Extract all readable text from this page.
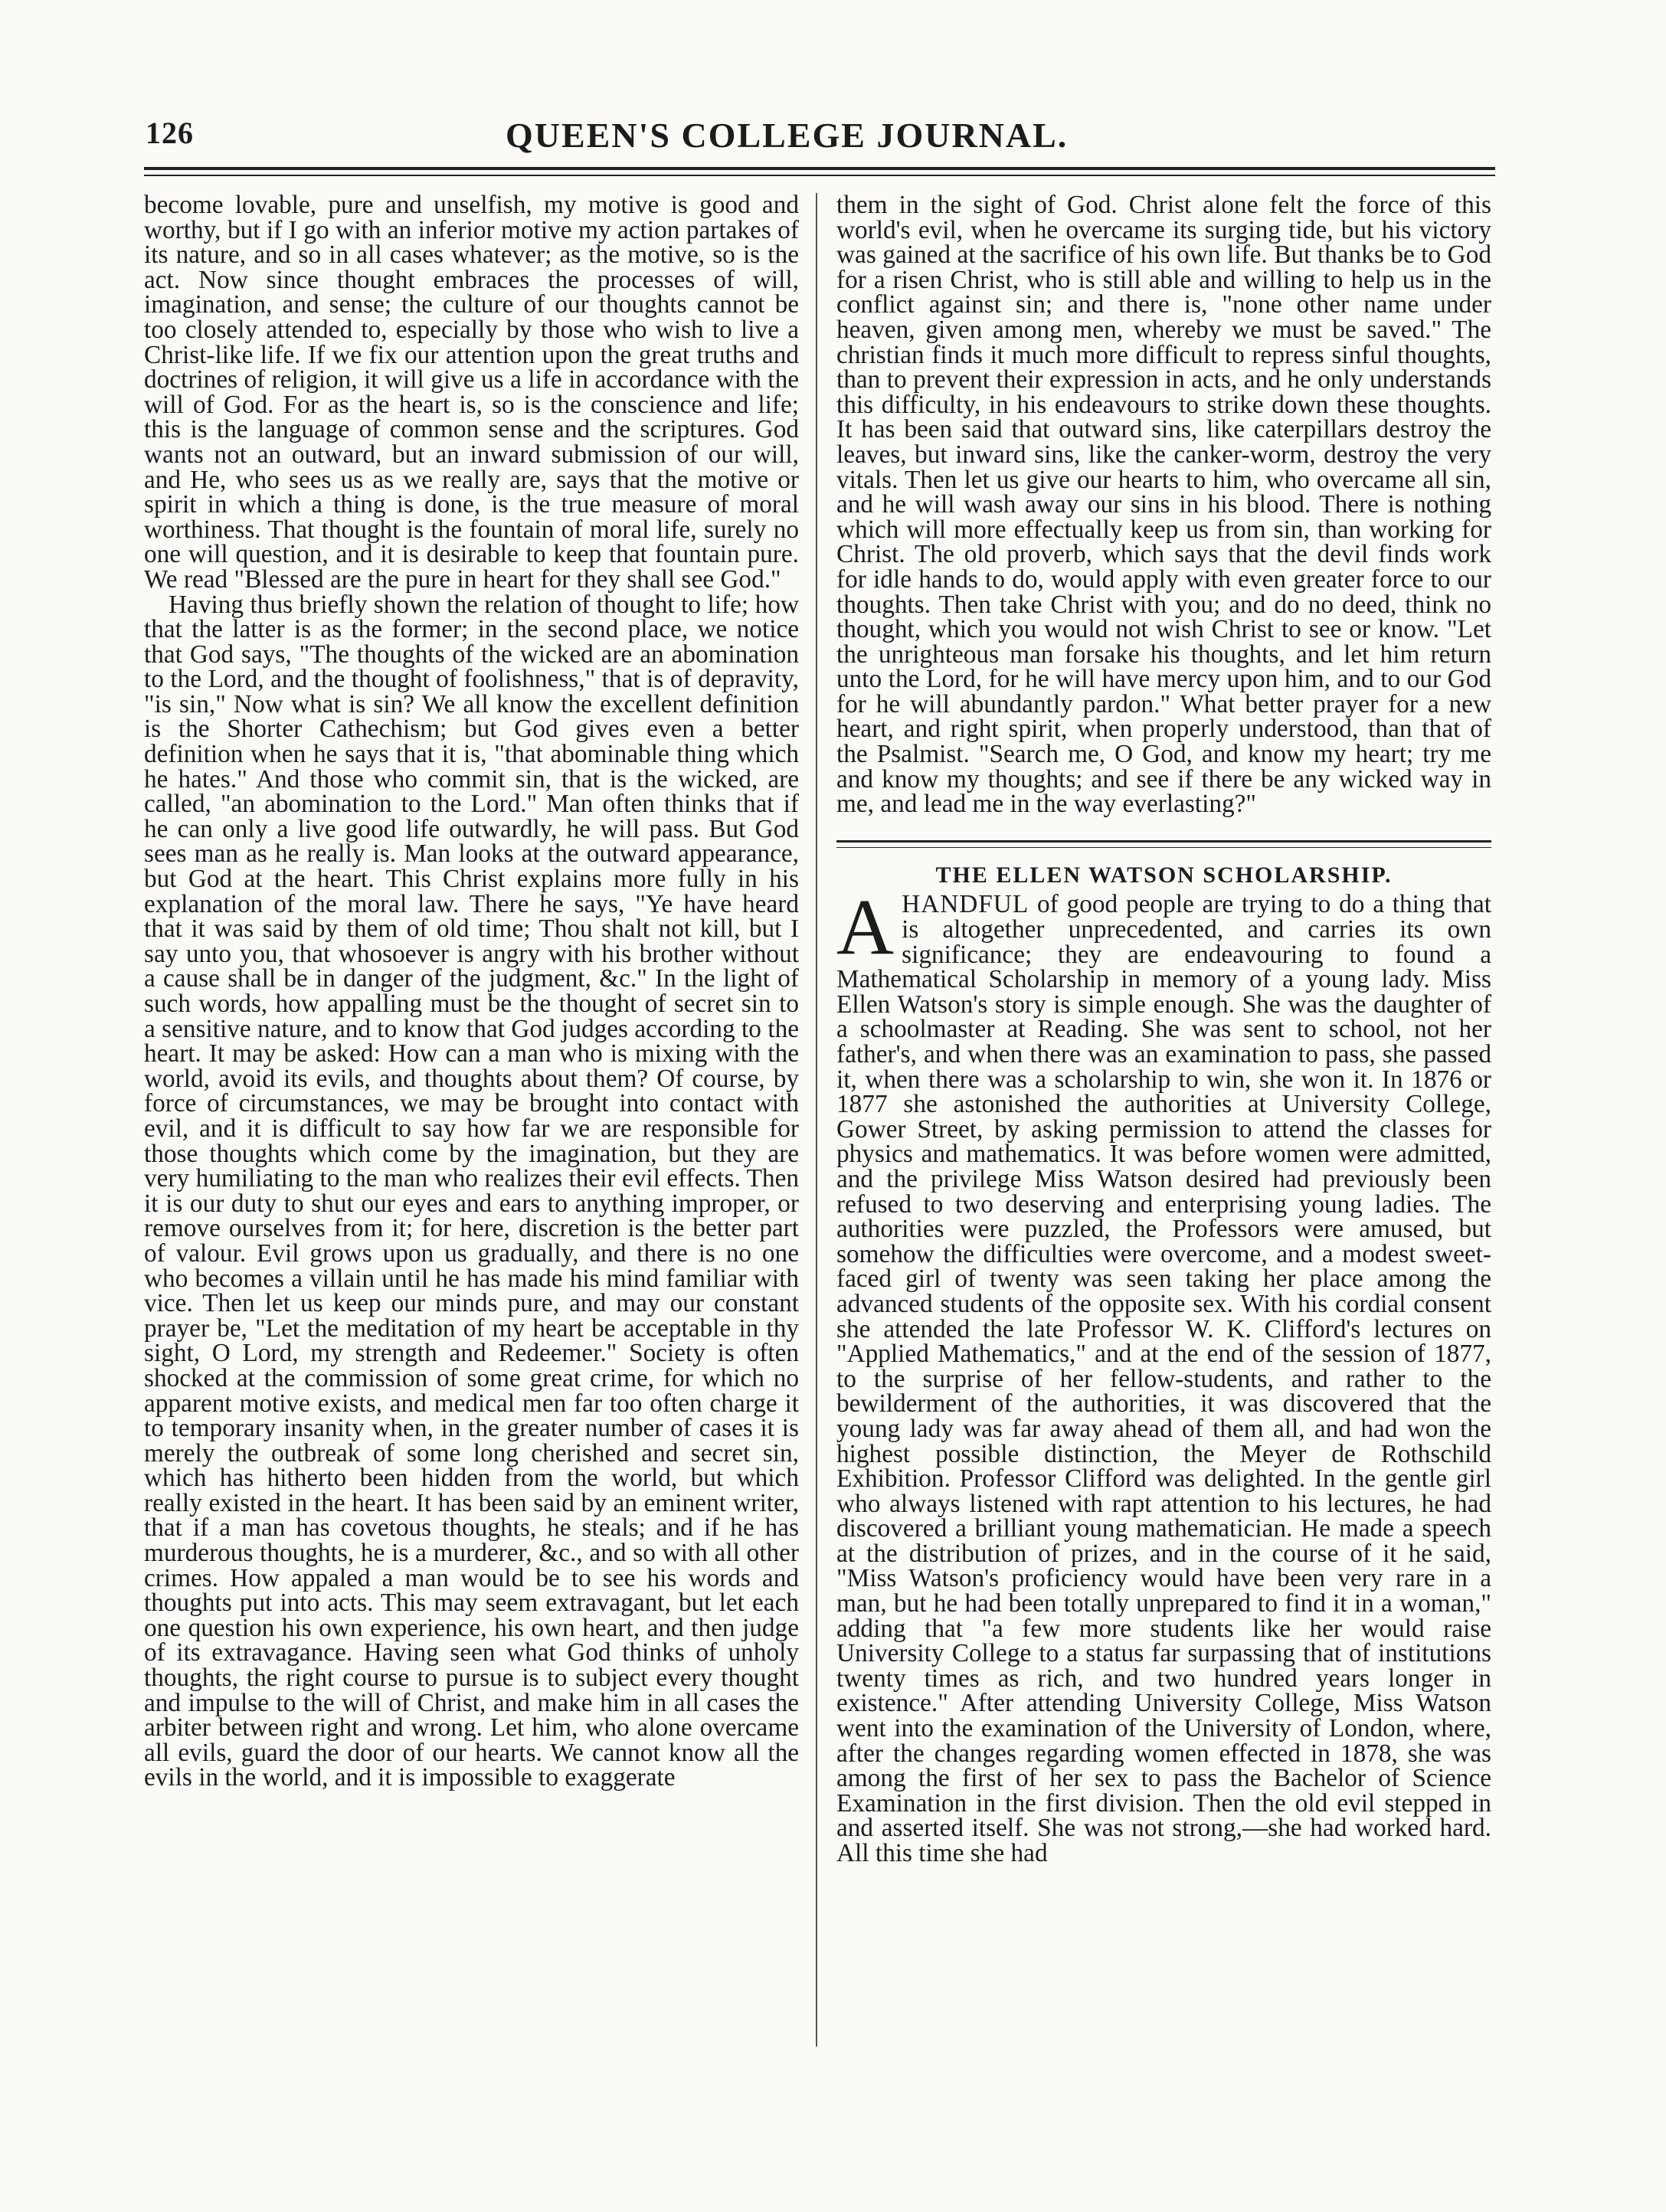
126	QUEEN'S COLLEGE JOURNAL.

become lovable, pure and unselfish, my motive is good and worthy, but if I go with an inferior motive my action partakes of its nature, and so in all cases whatever; as the motive, so is the act. Now since thought embraces the processes of will, imagination, and sense; the culture of our thoughts cannot be too closely attended to, especially by those who wish to live a Christ-like life. If we fix our attention upon the great truths and doctrines of religion, it will give us a life in accordance with the will of God. For as the heart is, so is the conscience and life; this is the language of common sense and the scriptures. God wants not an outward, but an inward submission of our will, and He, who sees us as we really are, says that the motive or spirit in which a thing is done, is the true measure of moral worthiness. That thought is the fountain of moral life, surely no one will question, and it is desirable to keep that fountain pure. We read "Blessed are the pure in heart for they shall see God."

Having thus briefly shown the relation of thought to life; how that the latter is as the former; in the second place, we notice that God says, "The thoughts of the wicked are an abomination to the Lord, and the thought of foolishness," that is of depravity, "is sin," Now what is sin? We all know the excellent definition is the Shorter Cathechism; but God gives even a better definition when he says that it is, "that abominable thing which he hates." And those who commit sin, that is the wicked, are called, "an abomination to the Lord." Man often thinks that if he can only a live good life outwardly, he will pass. But God sees man as he really is. Man looks at the outward appearance, but God at the heart. This Christ explains more fully in his explanation of the moral law. There he says, "Ye have heard that it was said by them of old time; Thou shalt not kill, but I say unto you, that whosoever is angry with his brother without a cause shall be in danger of the judgment, &c." In the light of such words, how appalling must be the thought of secret sin to a sensitive nature, and to know that God judges according to the heart. It may be asked: How can a man who is mixing with the world, avoid its evils, and thoughts about them? Of course, by force of circumstances, we may be brought into contact with evil, and it is difficult to say how far we are responsible for those thoughts which come by the imagination, but they are very humiliating to the man who realizes their evil effects. Then it is our duty to shut our eyes and ears to anything improper, or remove ourselves from it; for here, discretion is the better part of valour. Evil grows upon us gradually, and there is no one who becomes a villain until he has made his mind familiar with vice. Then let us keep our minds pure, and may our constant prayer be, "Let the meditation of my heart be acceptable in thy sight, O Lord, my strength and Redeemer." Society is often shocked at the commission of some great crime, for which no apparent motive exists, and medical men far too often charge it to temporary insanity when, in the greater number of cases it is merely the outbreak of some long cherished and secret sin, which has hitherto been hidden from the world, but which really existed in the heart. It has been said by an eminent writer, that if a man has covetous thoughts, he steals; and if he has murderous thoughts, he is a murderer, &c., and so with all other crimes. How appaled a man would be to see his words and thoughts put into acts. This may seem extravagant, but let each one question his own experience, his own heart, and then judge of its extravagance. Having seen what God thinks of unholy thoughts, the right course to pursue is to subject every thought and impulse to the will of Christ, and make him in all cases the arbiter between right and wrong. Let him, who alone overcame all evils, guard the door of our hearts. We cannot know all the evils in the world, and it is impossible to exaggerate

them in the sight of God. Christ alone felt the force of this world's evil, when he overcame its surging tide, but his victory was gained at the sacrifice of his own life. But thanks be to God for a risen Christ, who is still able and willing to help us in the conflict against sin; and there is, "none other name under heaven, given among men, whereby we must be saved." The christian finds it much more difficult to repress sinful thoughts, than to prevent their expression in acts, and he only understands this difficulty, in his endeavours to strike down these thoughts. It has been said that outward sins, like caterpillars destroy the leaves, but inward sins, like the canker-worm, destroy the very vitals. Then let us give our hearts to him, who overcame all sin, and he will wash away our sins in his blood. There is nothing which will more effectually keep us from sin, than working for Christ. The old proverb, which says that the devil finds work for idle hands to do, would apply with even greater force to our thoughts. Then take Christ with you; and do no deed, think no thought, which you would not wish Christ to see or know. "Let the unrighteous man forsake his thoughts, and let him return unto the Lord, for he will have mercy upon him, and to our God for he will abundantly pardon." What better prayer for a new heart, and right spirit, when properly understood, than that of the Psalmist. "Search me, O God, and know my heart; try me and know my thoughts; and see if there be any wicked way in me, and lead me in the way everlasting?"

THE ELLEN WATSON SCHOLARSHIP.

AHANDFUL of good people are trying to do a thing that is altogether unprecedented, and carries its own significance; they are endeavouring to found a Mathematical Scholarship in memory of a young lady. Miss Ellen Watson's story is simple enough. She was the daughter of a schoolmaster at Reading. She was sent to school, not her father's, and when there was an examination to pass, she passed it, when there was a scholarship to win, she won it. In 1876 or 1877 she astonished the authorities at University College, Gower Street, by asking permission to attend the classes for physics and mathematics. It was before women were admitted, and the privilege Miss Watson desired had previously been refused to two deserving and enterprising young ladies. The authorities were puzzled, the Professors were amused, but somehow the difficulties were overcome, and a modest sweet-faced girl of twenty was seen taking her place among the advanced students of the opposite sex. With his cordial consent she attended the late Professor W. K. Clifford's lectures on "Applied Mathematics," and at the end of the session of 1877, to the surprise of her fellow-students, and rather to the bewilderment of the authorities, it was discovered that the young lady was far away ahead of them all, and had won the highest possible distinction, the Meyer de Rothschild Exhibition. Professor Clifford was delighted. In the gentle girl who always listened with rapt attention to his lectures, he had discovered a brilliant young mathematician. He made a speech at the distribution of prizes, and in the course of it he said, "Miss Watson's proficiency would have been very rare in a man, but he had been totally unprepared to find it in a woman," adding that "a few more students like her would raise University College to a status far surpassing that of institutions twenty times as rich, and two hundred years longer in existence." After attending University College, Miss Watson went into the examination of the University of London, where, after the changes regarding women effected in 1878, she was among the first of her sex to pass the Bachelor of Science Examination in the first division. Then the old evil stepped in and asserted itself. She was not strong,—she had worked hard. All this time she had
